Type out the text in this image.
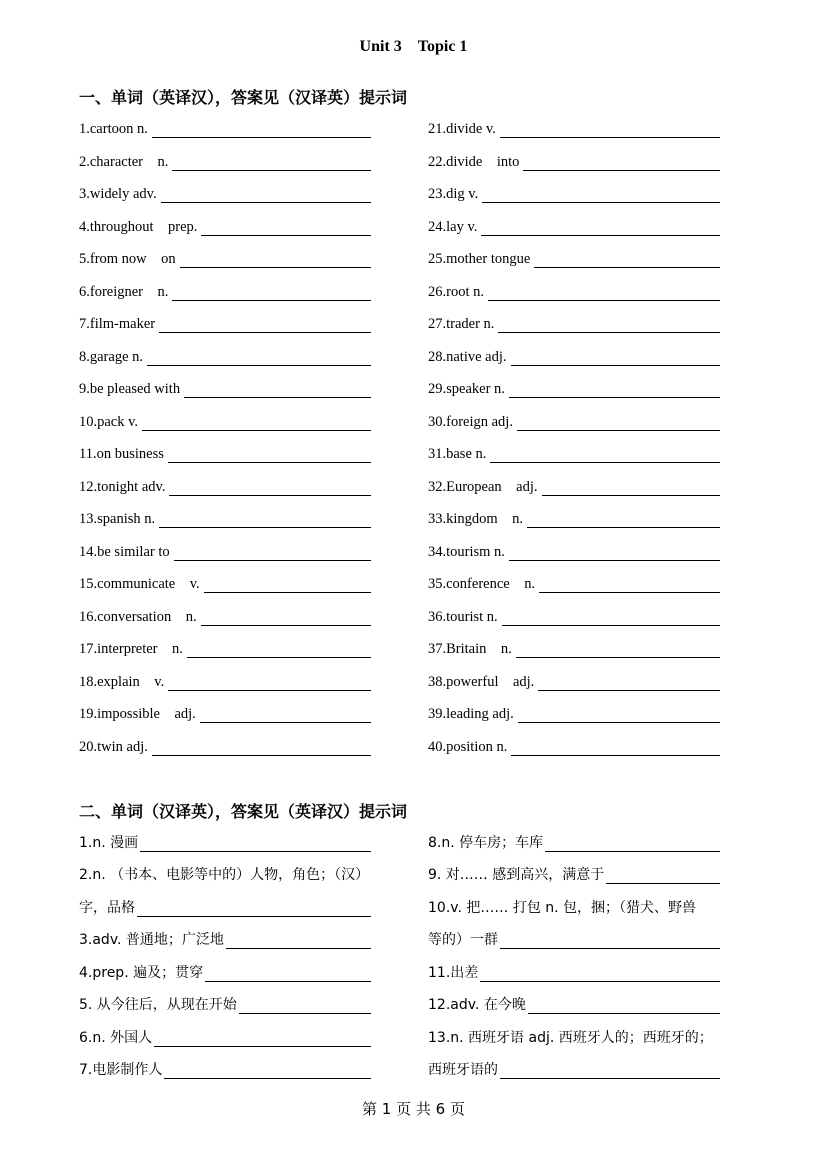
Unit 3 Topic 1
一、单词（英译汉），答案见（汉译英）提示词
1.cartoon n.
2.character　n.
3.widely adv.
4.throughout　prep.
5.from now　on
6.foreigner　n.
7.film-maker
8.garage n.
9.be pleased with
10.pack v.
11.on business
12.tonight adv.
13.spanish n.
14.be similar to
15.communicate　v.
16.conversation　n.
17.interpreter　n.
18.explain　v.
19.impossible　adj.
20.twin adj.
21.divide v.
22.divide　into
23.dig v.
24.lay v.
25.mother tongue
26.root n.
27.trader n.
28.native adj.
29.speaker n.
30.foreign adj.
31.base n.
32.European　adj.
33.kingdom　n.
34.tourism n.
35.conference　n.
36.tourist n.
37.Britain　n.
38.powerful　adj.
39.leading adj.
40.position n.
二、单词（汉译英），答案见（英译汉）提示词
1.n. 漫画
2.n. （书本、电影等中的）人物，角色；（汉）
字，品格
3.adv. 普通地；广泛地
4.prep. 遍及；贯穿
5. 从今往后，从现在开始
6.n. 外国人
7.电影制作人
8.n. 停车房；车库
9. 对…… 感到高兴，满意于
10.v. 把…… 打包 n. 包，捆；（猎犬、野兽
等的）一群
11.出差
12.adv. 在今晚
13.n. 西班牙语 adj. 西班牙人的；西班牙的；
西班牙语的
第 1 页 共 6 页
